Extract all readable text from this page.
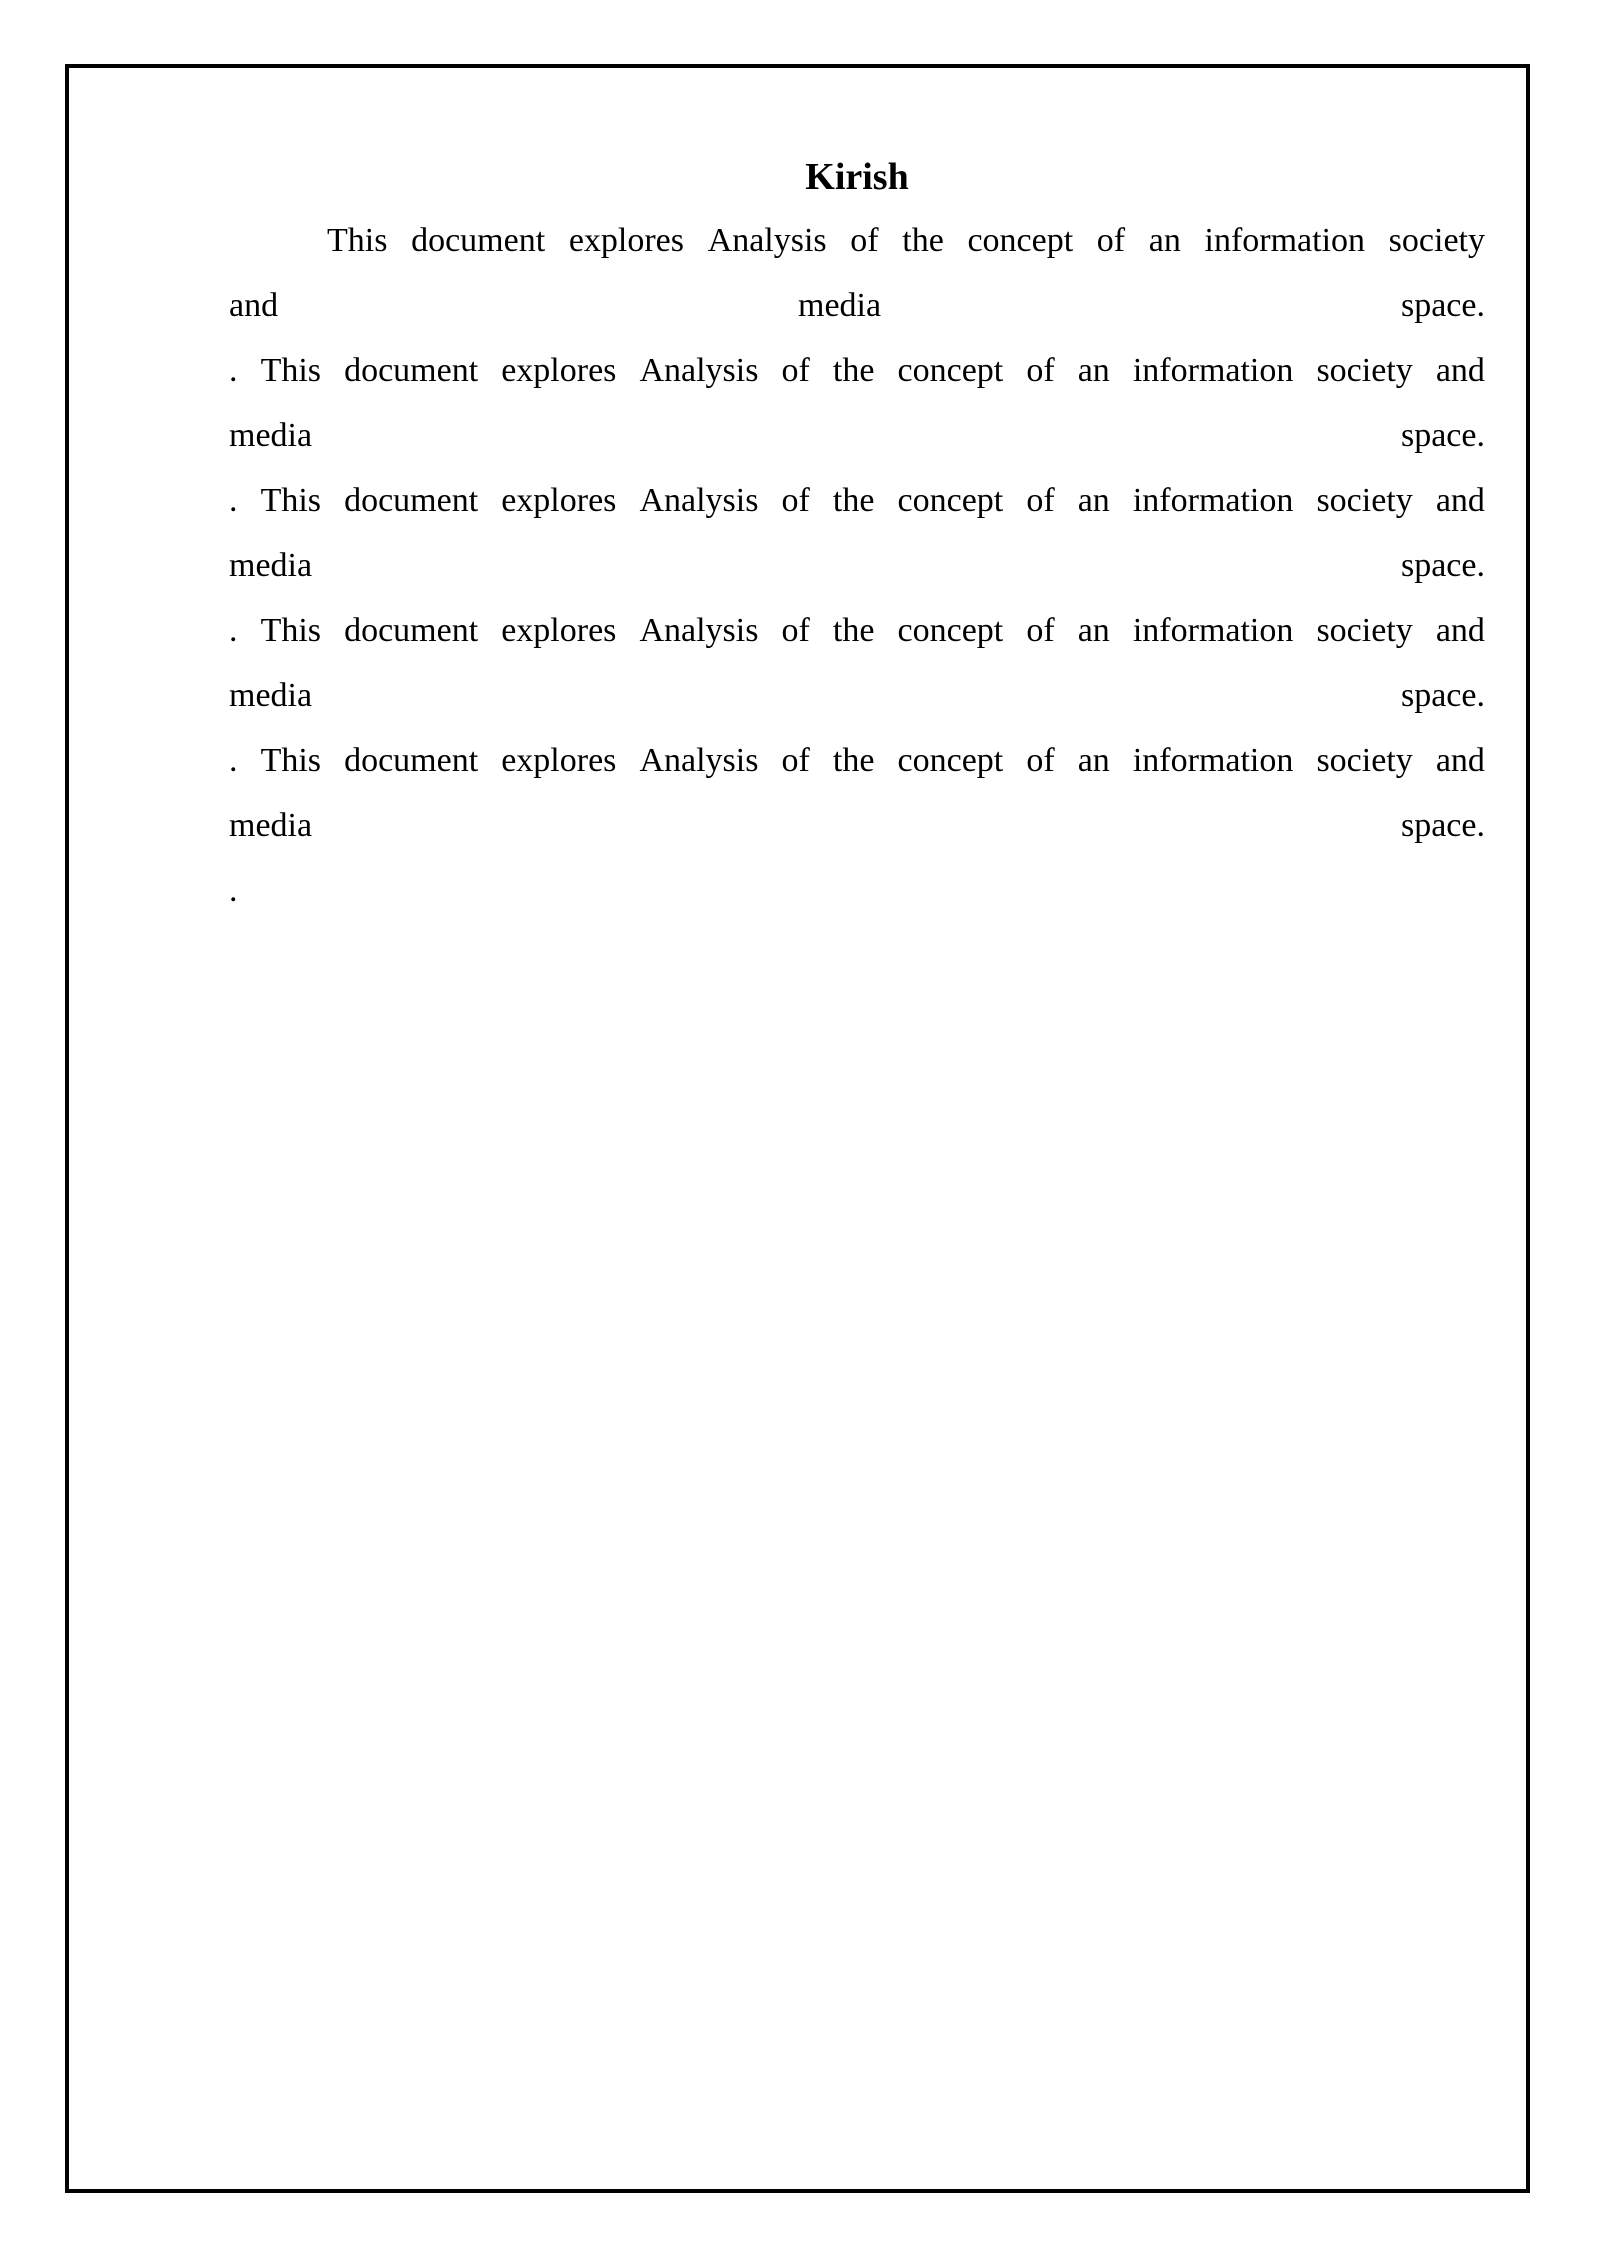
Kirish
This document explores Analysis of the concept of an information society
and	media	space.
. This document explores Analysis of the concept of an information society and
media	space.
. This document explores Analysis of the concept of an information society and
media	space.
. This document explores Analysis of the concept of an information society and
media	space.
. This document explores Analysis of the concept of an information society and
media	space.
.
